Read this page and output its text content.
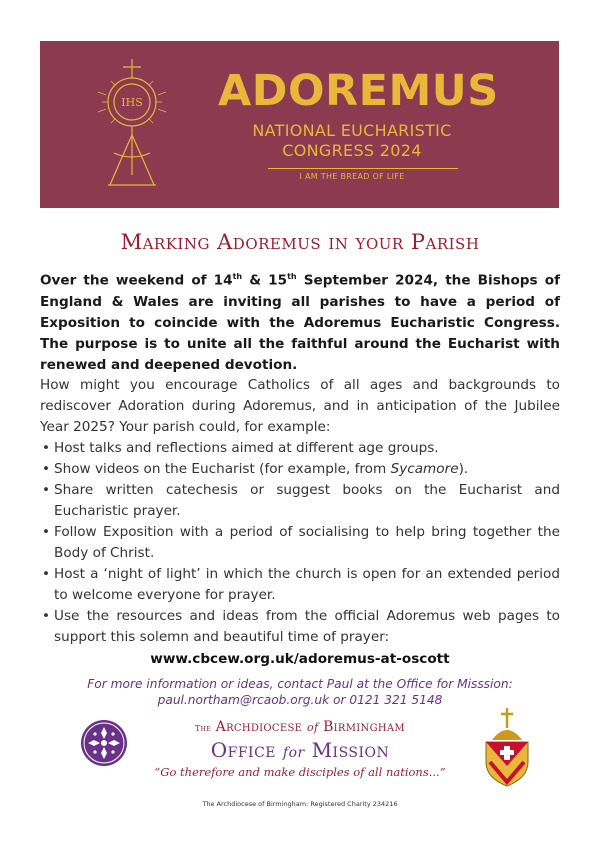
IHS ADOREMUS
NATIONAL EUCHARISTIC
CONGRESS 2024
I AM THE BREAD OF LIFE
Marking Adoremus in your Parish
Over the weekend of 14th & 15th September 2024, the Bishops of England & Wales are inviting all parishes to have a period of Exposition to coincide with the Adoremus Eucharistic Congress. The purpose is to unite all the faithful around the Eucharist with renewed and deepened devotion.

How might you encourage Catholics of all ages and backgrounds to rediscover Adoration during Adoremus, and in anticipation of the Jubilee Year 2025? Your parish could, for example:

• Host talks and reflections aimed at different age groups.
• Show videos on the Eucharist (for example, from Sycamore).
• Share written catechesis or suggest books on the Eucharist and Eucharistic prayer.
• Follow Exposition with a period of socialising to help bring together the Body of Christ.
• Host a ‘night of light’ in which the church is open for an extended period to welcome everyone for prayer.
• Use the resources and ideas from the official Adoremus web pages to support this solemn and beautiful time of prayer:
www.cbcew.org.uk/adoremus-at-oscott
For more information or ideas, contact Paul at the Office for Misssion:
paul.northam@rcaob.org.uk or 0121 321 5148
The Archdiocese of Birmingham
Office for Mission
“Go therefore and make disciples of all nations...”
The Archdiocese of Birmingham: Registered Charity 234216
